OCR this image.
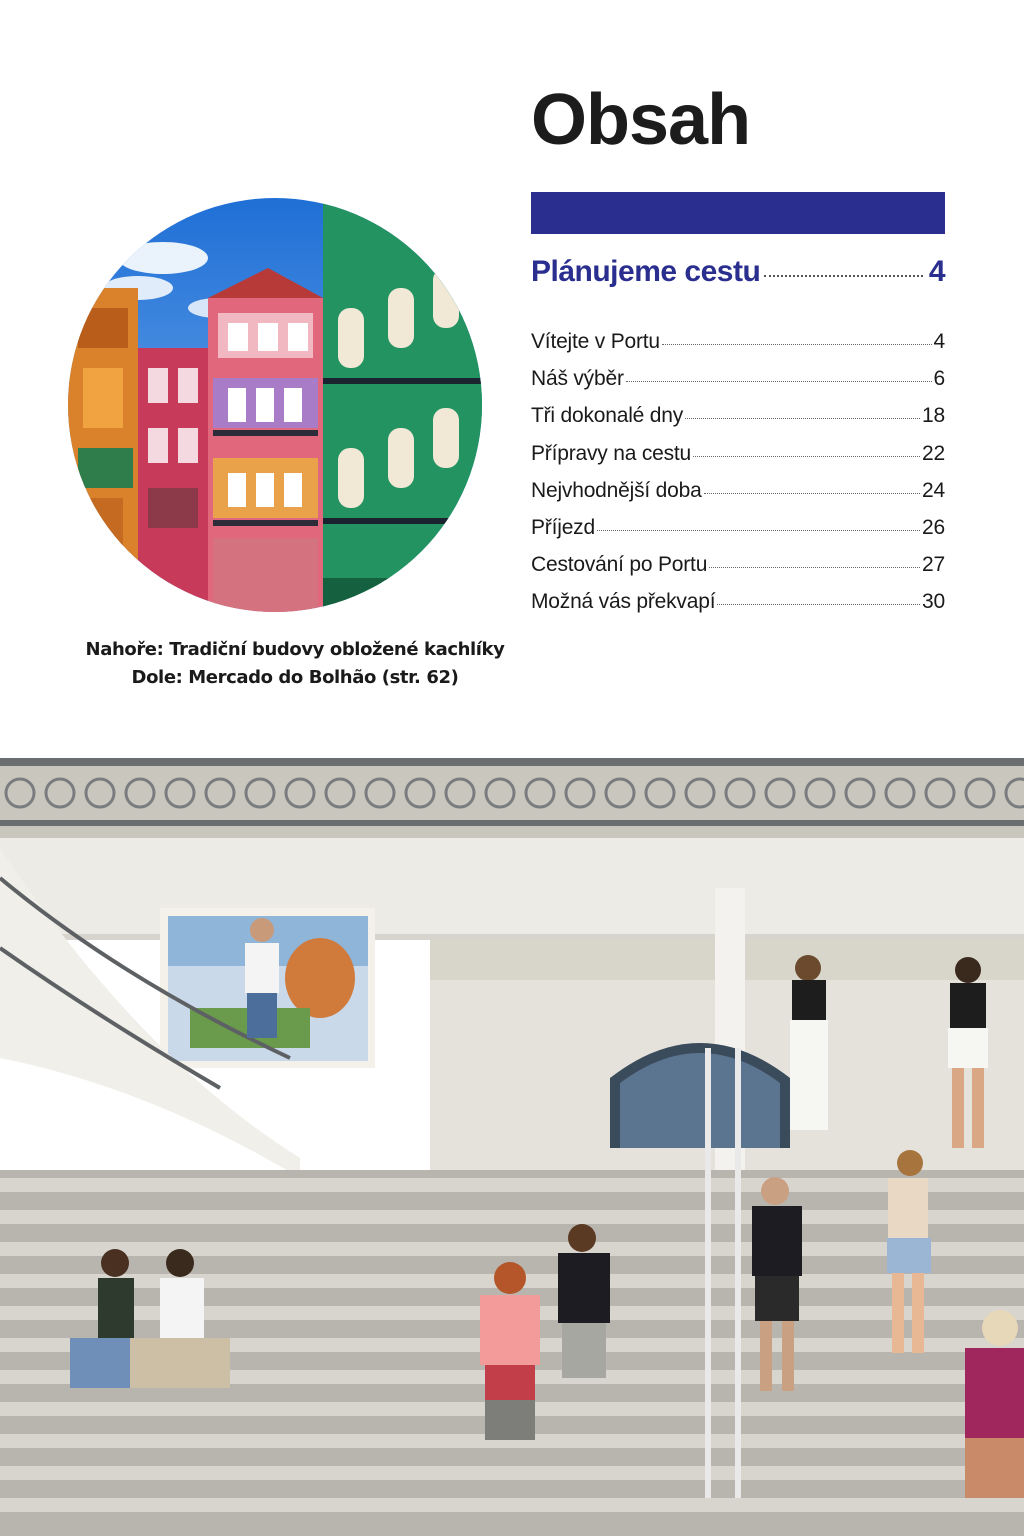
Obsah
Plánujeme cestu	4
Vítejte v Portu	4
Náš výběr	6
Tři dokonalé dny	18
Přípravy na cestu	22
Nejvhodnější doba	24
Příjezd	26
Cestování po Portu	27
Možná vás překvapí	30
Nahoře: Tradiční budovy obložené kachlíky
Dole: Mercado do Bolhão (str. 62)
